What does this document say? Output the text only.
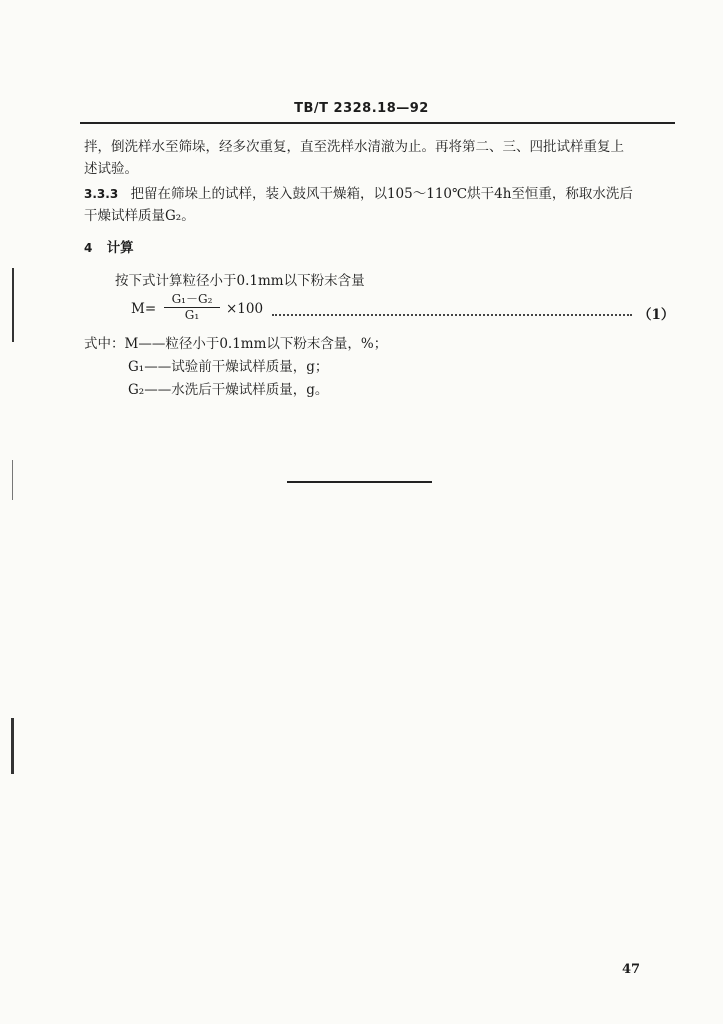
TB/T 2328.18—92
拌，倒洗样水至筛垛，经多次重复，直至洗样水清澈为止。再将第二、三、四批试样重复上
述试验。
3.3.3 把留在筛垛上的试样，装入鼓风干燥箱，以105～110℃烘干4h至恒重，称取水洗后
干燥试样质量G₂。
4 计算
按下式计算粒径小于0.1mm以下粉末含量
$M= \frac{\text{G₁－G₂}}{\text{G₁}} \times 100$	（1）
式中：M——粒径小于0.1mm以下粉末含量，%；
G₁——试验前干燥试样质量，g；
G₂——水洗后干燥试样质量，g。
47
